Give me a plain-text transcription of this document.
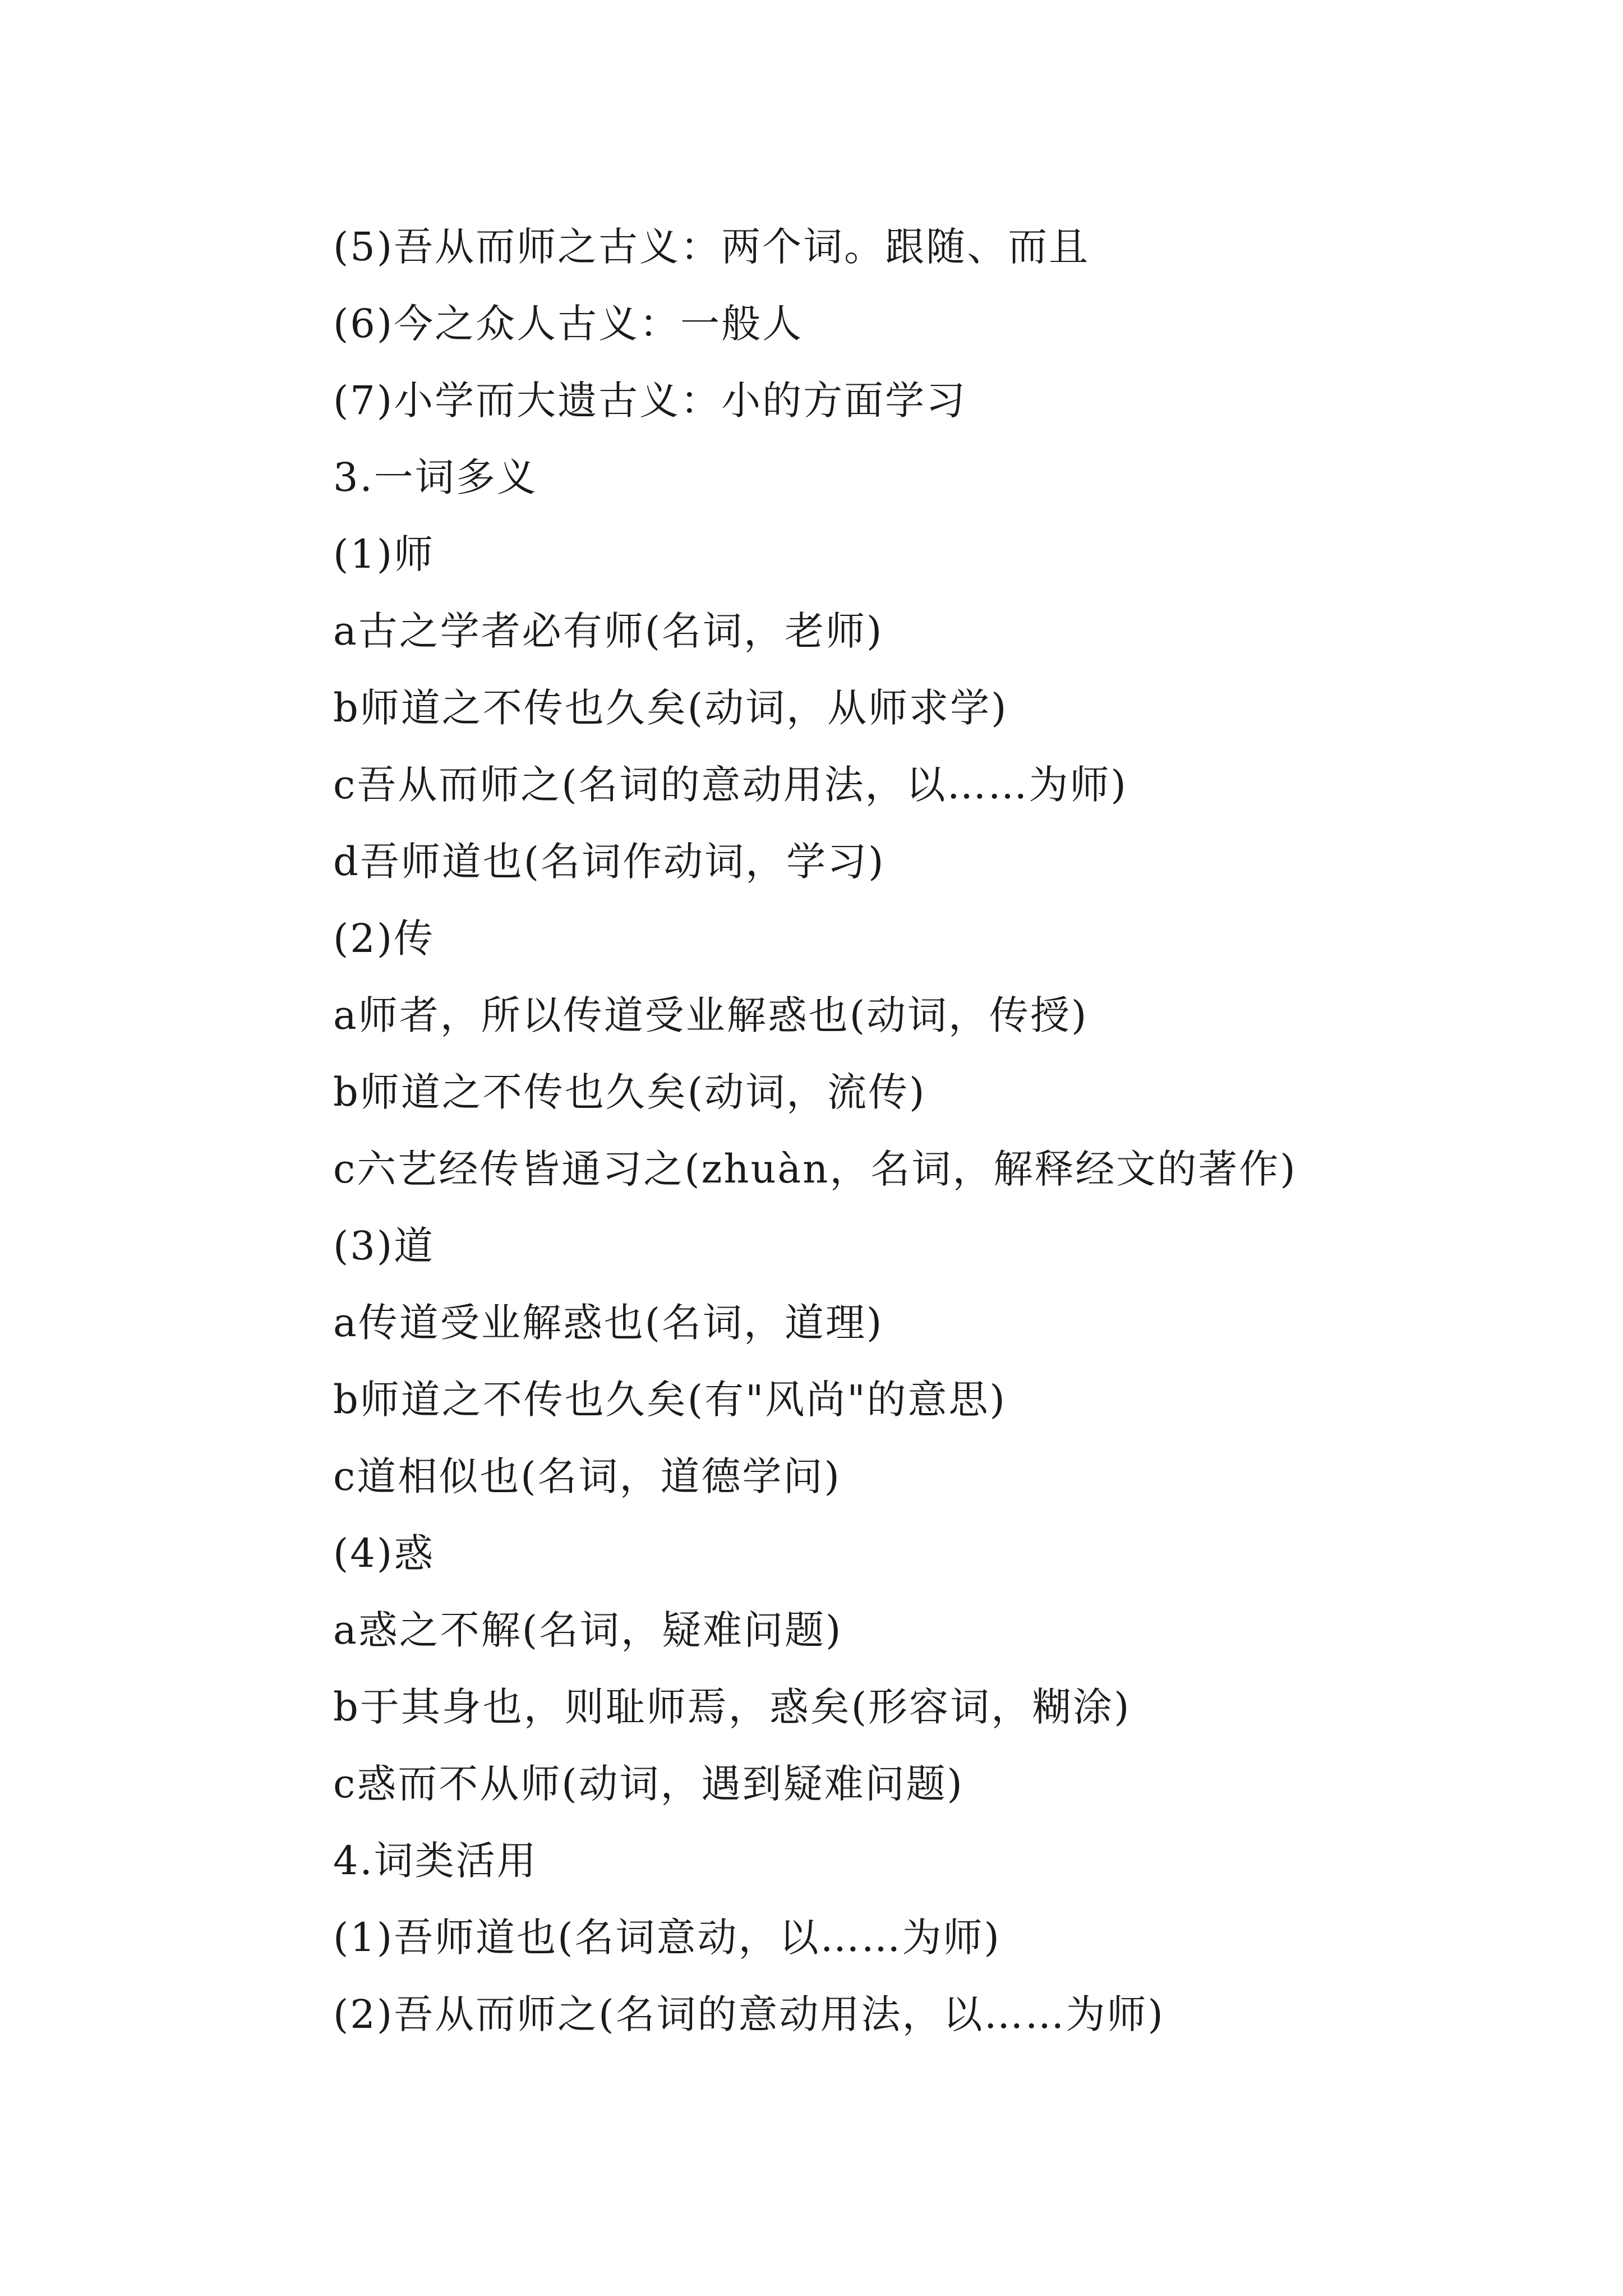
(5)吾从而师之古义：两个词。跟随、而且
(6)今之众人古义：一般人
(7)小学而大遗古义：小的方面学习
3.一词多义
(1)师
a古之学者必有师(名词，老师)
b师道之不传也久矣(动词，从师求学)
c吾从而师之(名词的意动用法，以……为师)
d吾师道也(名词作动词，学习)
(2)传
a师者，所以传道受业解惑也(动词，传授)
b师道之不传也久矣(动词，流传)
c六艺经传皆通习之(zhuàn，名词，解释经文的著作)
(3)道
a传道受业解惑也(名词，道理)
b师道之不传也久矣(有"风尚"的意思)
c道相似也(名词，道德学问)
(4)惑
a惑之不解(名词，疑难问题)
b于其身也，则耻师焉，惑矣(形容词，糊涂)
c惑而不从师(动词，遇到疑难问题)
4.词类活用
(1)吾师道也(名词意动，以……为师)
(2)吾从而师之(名词的意动用法，以……为师)
